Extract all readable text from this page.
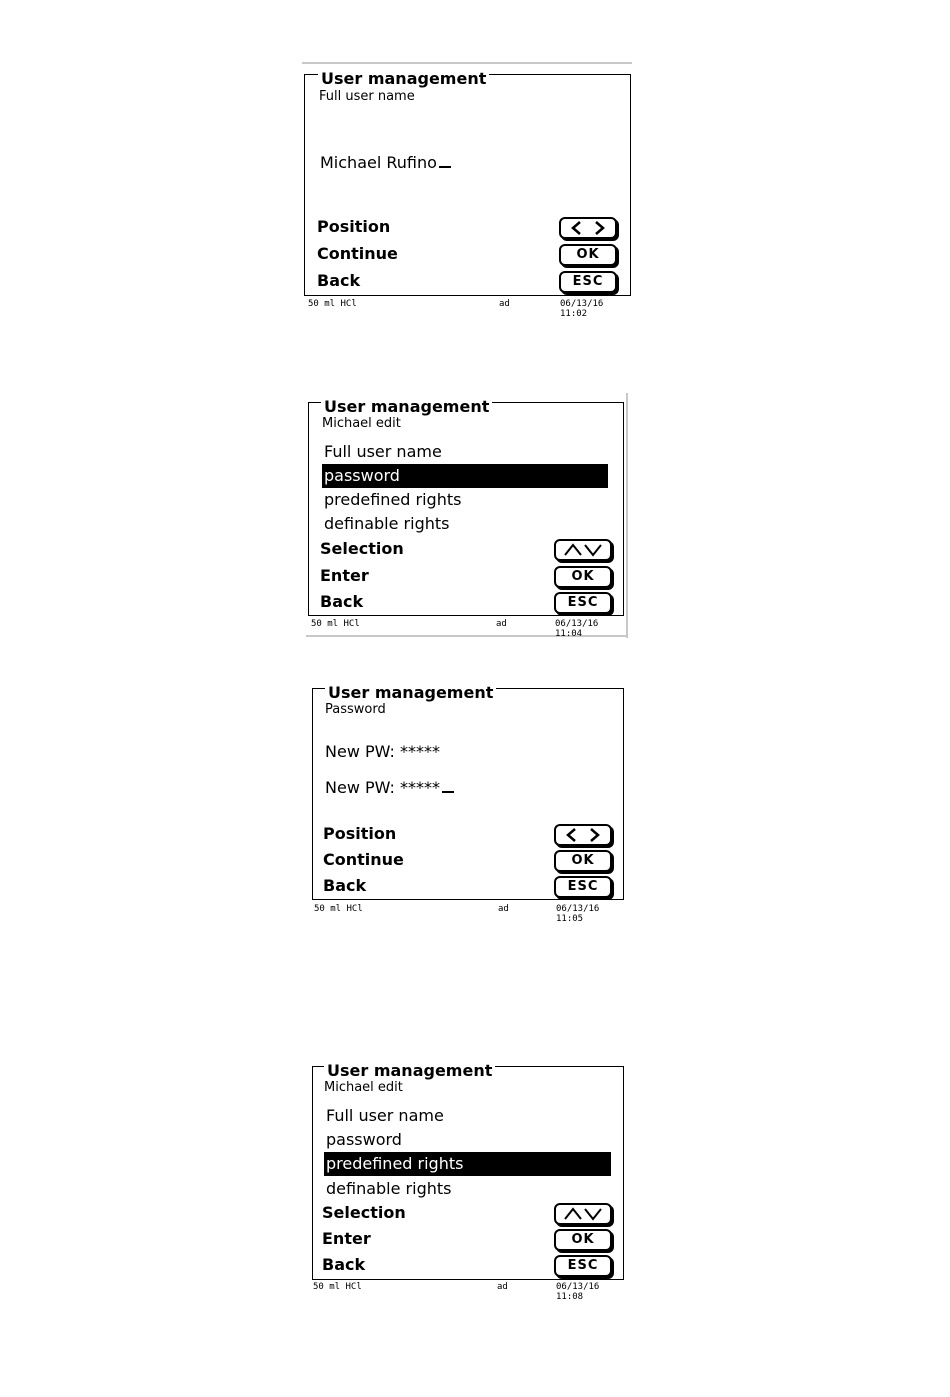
User management
Full user name
Michael Rufino
Position
Continue	OK
Back	ESC
50 ml HCl	ad	06/13/16 11:02
User management
Michael edit
Full user name
password
predefined rights
definable rights
Selection
Enter	OK
Back	ESC
50 ml HCl	ad	06/13/16 11:04
User management
Password
New PW: *****
New PW: *****
Position
Continue	OK
Back	ESC
50 ml HCl	ad	06/13/16 11:05
User management
Michael edit
Full user name
password
predefined rights
definable rights
Selection
Enter	OK
Back	ESC
50 ml HCl	ad	06/13/16 11:08
